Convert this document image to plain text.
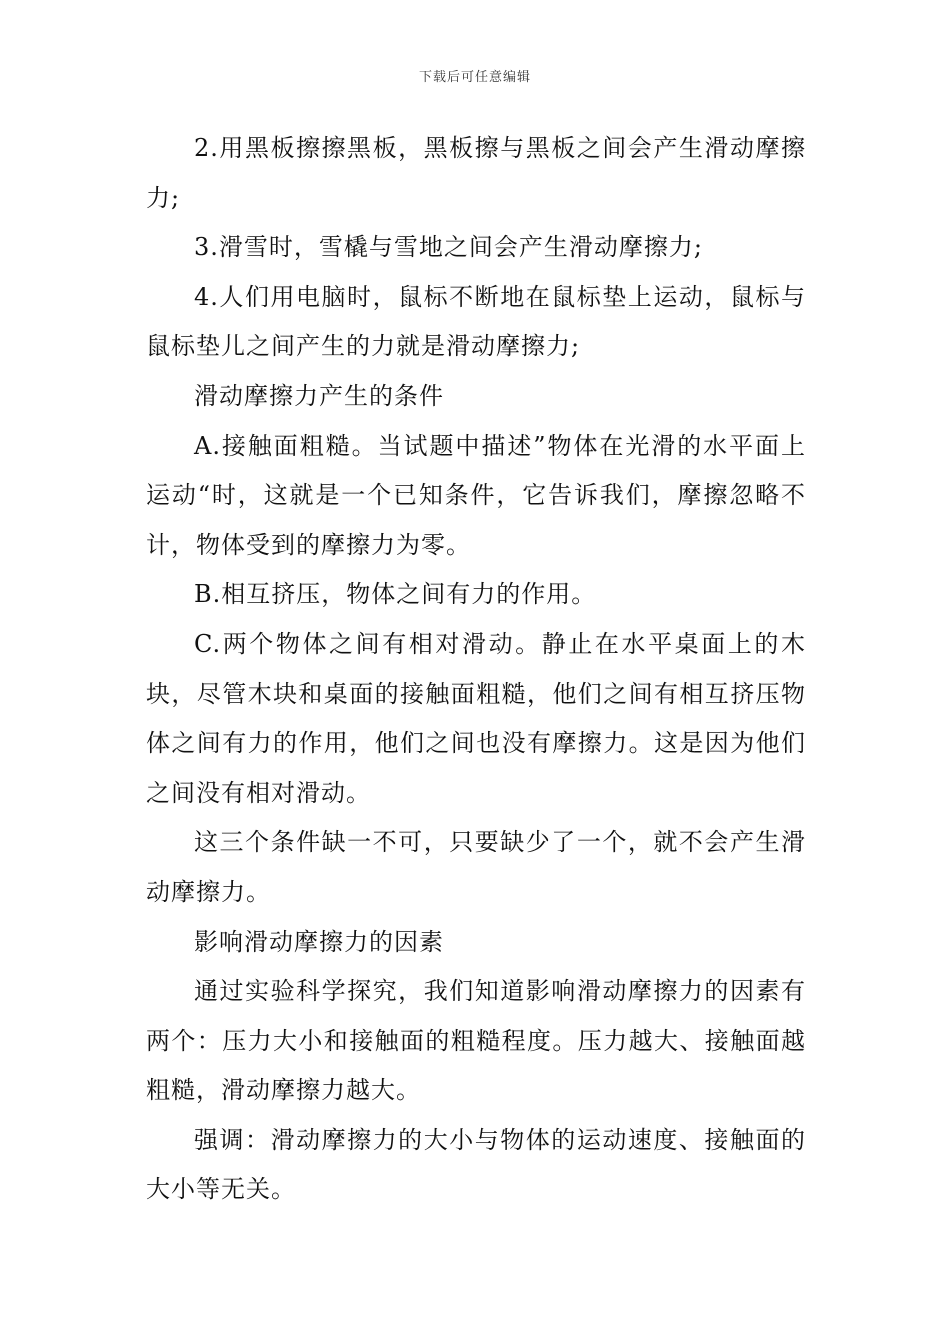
下载后可任意编辑

2.用黑板擦擦黑板，黑板擦与黑板之间会产生滑动摩擦力;

3.滑雪时，雪橇与雪地之间会产生滑动摩擦力;

4.人们用电脑时，鼠标不断地在鼠标垫上运动，鼠标与鼠标垫儿之间产生的力就是滑动摩擦力;

滑动摩擦力产生的条件

A.接触面粗糙。当试题中描述”物体在光滑的水平面上运动“时，这就是一个已知条件，它告诉我们，摩擦忽略不计，物体受到的摩擦力为零。

B.相互挤压，物体之间有力的作用。

C.两个物体之间有相对滑动。静止在水平桌面上的木块，尽管木块和桌面的接触面粗糙，他们之间有相互挤压物体之间有力的作用，他们之间也没有摩擦力。这是因为他们之间没有相对滑动。

这三个条件缺一不可，只要缺少了一个，就不会产生滑动摩擦力。

影响滑动摩擦力的因素

通过实验科学探究，我们知道影响滑动摩擦力的因素有两个：压力大小和接触面的粗糙程度。压力越大、接触面越粗糙，滑动摩擦力越大。

强调：滑动摩擦力的大小与物体的运动速度、接触面的大小等无关。
